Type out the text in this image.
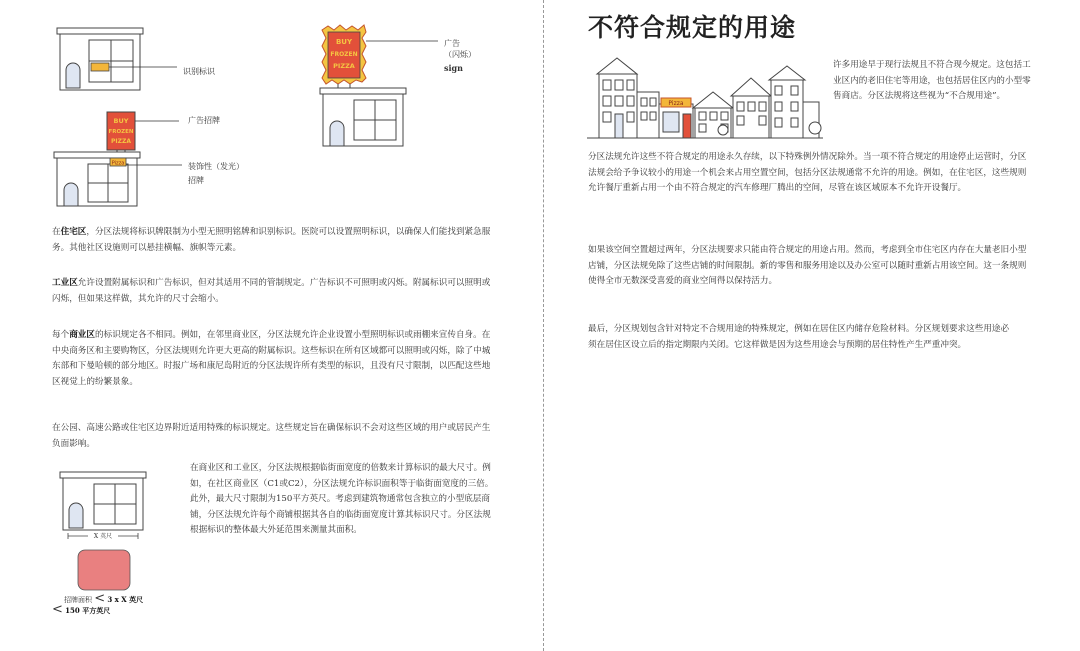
识别标识
BUY
FROZEN
PIZZA
Pizza
广告招牌
装饰性（发光）招牌
BUY
FROZEN
PIZZA
广告（闪烁）
sign

在住宅区，分区法规将标识牌限制为小型无照明铭牌和识别标识。医院可以设置照明标识，以确保人们能找到紧急服务。其他社区设施则可以悬挂横幅、旗帜等元素。

工业区允许设置附属标识和广告标识，但对其适用不同的管制规定。广告标识不可照明或闪烁。附属标识可以照明或闪烁，但如果这样做，其允许的尺寸会缩小。

每个商业区的标识规定各不相同。例如，在邻里商业区，分区法规允许企业设置小型照明标识或雨棚来宣传自身。在中央商务区和主要购物区，分区法规则允许更大更高的附属标识。这些标识在所有区域都可以照明或闪烁，除了中城东部和下曼哈顿的部分地区。时报广场和康尼岛附近的分区法规许所有类型的标识，且没有尺寸限制，以匹配这些地区视觉上的纷繁景象。

在公园、高速公路或住宅区边界附近适用特殊的标识规定。这些规定旨在确保标识不会对这些区域的用户或居民产生负面影响。

X 英尺
招牌面积 < 3 x X 英尺
< 150 平方英尺

在商业区和工业区，分区法规根据临街面宽度的倍数来计算标识的最大尺寸。例如，在社区商业区（C1或C2），分区法规允许标识面积等于临街面宽度的三倍。此外，最大尺寸限制为150平方英尺。考虑到建筑物通常包含独立的小型底层商铺，分区法规允许每个商铺根据其各自的临街面宽度计算其标识尺寸。分区法规根据标识的整体最大外延范围来测量其面积。

不符合规定的用途
Pizza

许多用途早于现行法规且不符合现今规定。这包括工业区内的老旧住宅等用途，也包括居住区内的小型零售商店。分区法规将这些视为“不合规用途”。

分区法规允许这些不符合规定的用途永久存续，以下特殊例外情况除外。当一项不符合规定的用途停止运营时，分区法规会给予争议较小的用途一个机会来占用空置空间，包括分区法规通常不允许的用途。例如，在住宅区，这些规则允许餐厅重新占用一个由不符合规定的汽车修理厂腾出的空间，尽管在该区域原本不允许开设餐厅。

如果该空间空置超过两年，分区法规要求只能由符合规定的用途占用。然而，考虑到全市住宅区内存在大量老旧小型店铺，分区法规免除了这些店铺的时间限制。新的零售和服务用途以及办公室可以随时重新占用该空间。这一条规则使得全市无数深受喜爱的商业空间得以保持活力。

最后，分区规划包含针对特定不合规用途的特殊规定，例如在居住区内储存危险材料。分区规划要求这些用途必须在居住区设立后的指定期限内关闭。它这样做是因为这些用途会与预期的居住特性产生严重冲突。
